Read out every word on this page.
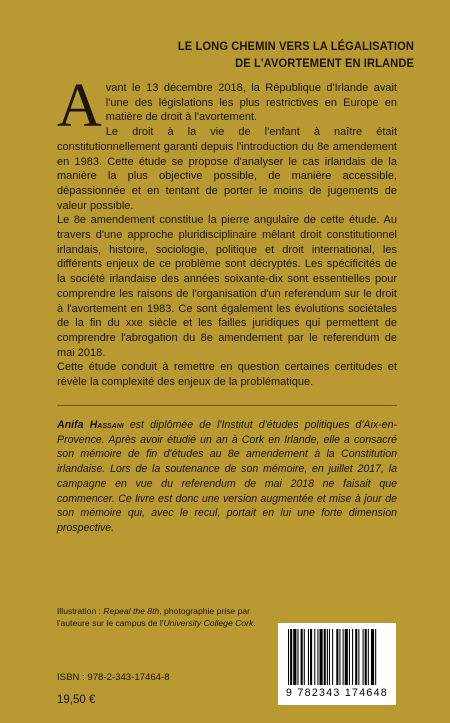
LE LONG CHEMIN VERS LA LÉGALISATION
DE L'AVORTEMENT EN IRLANDE

Avant le 13 décembre 2018, la République d'Irlande avait l'une des législations les plus restrictives en Europe en matière de droit à l'avortement.

Le droit à la vie de l'enfant à naître était constitutionnellement garanti depuis l'introduction du 8e amendement en 1983. Cette étude se propose d'analyser le cas irlandais de la manière la plus objective possible, de manière accessible, dépassionnée et en tentant de porter le moins de jugements de valeur possible.

Le 8e amendement constitue la pierre angulaire de cette étude. Au travers d'une approche pluridisciplinaire mêlant droit constitutionnel irlandais, histoire, sociologie, politique et droit international, les différents enjeux de ce problème sont décryptés. Les spécificités de la société irlandaise des années soixante-dix sont essentielles pour comprendre les raisons de l'organisation d'un referendum sur le droit à l'avortement en 1983. Ce sont également les évolutions sociétales de la fin du xxe siècle et les failles juridiques qui permettent de comprendre l'abrogation du 8e amendement par le referendum de mai 2018.

Cette étude conduit à remettre en question certaines certitudes et révèle la complexité des enjeux de la problématique.

Anifa Hassani est diplômée de l'Institut d'études politiques d'Aix-en-Provence. Après avoir étudié un an à Cork en Irlande, elle a consacré son mémoire de fin d'études au 8e amendement à la Constitution irlandaise. Lors de la soutenance de son mémoire, en juillet 2017, la campagne en vue du referendum de mai 2018 ne faisait que commencer. Ce livre est donc une version augmentée et mise à jour de son mémoire qui, avec le recul, portait en lui une forte dimension prospective.
Illustration : Repeal the 8th, photographie prise par l'auteure sur le campus de l'University College Cork.
ISBN : 978-2-343-17464-8
19,50 €
9 782343 174648
